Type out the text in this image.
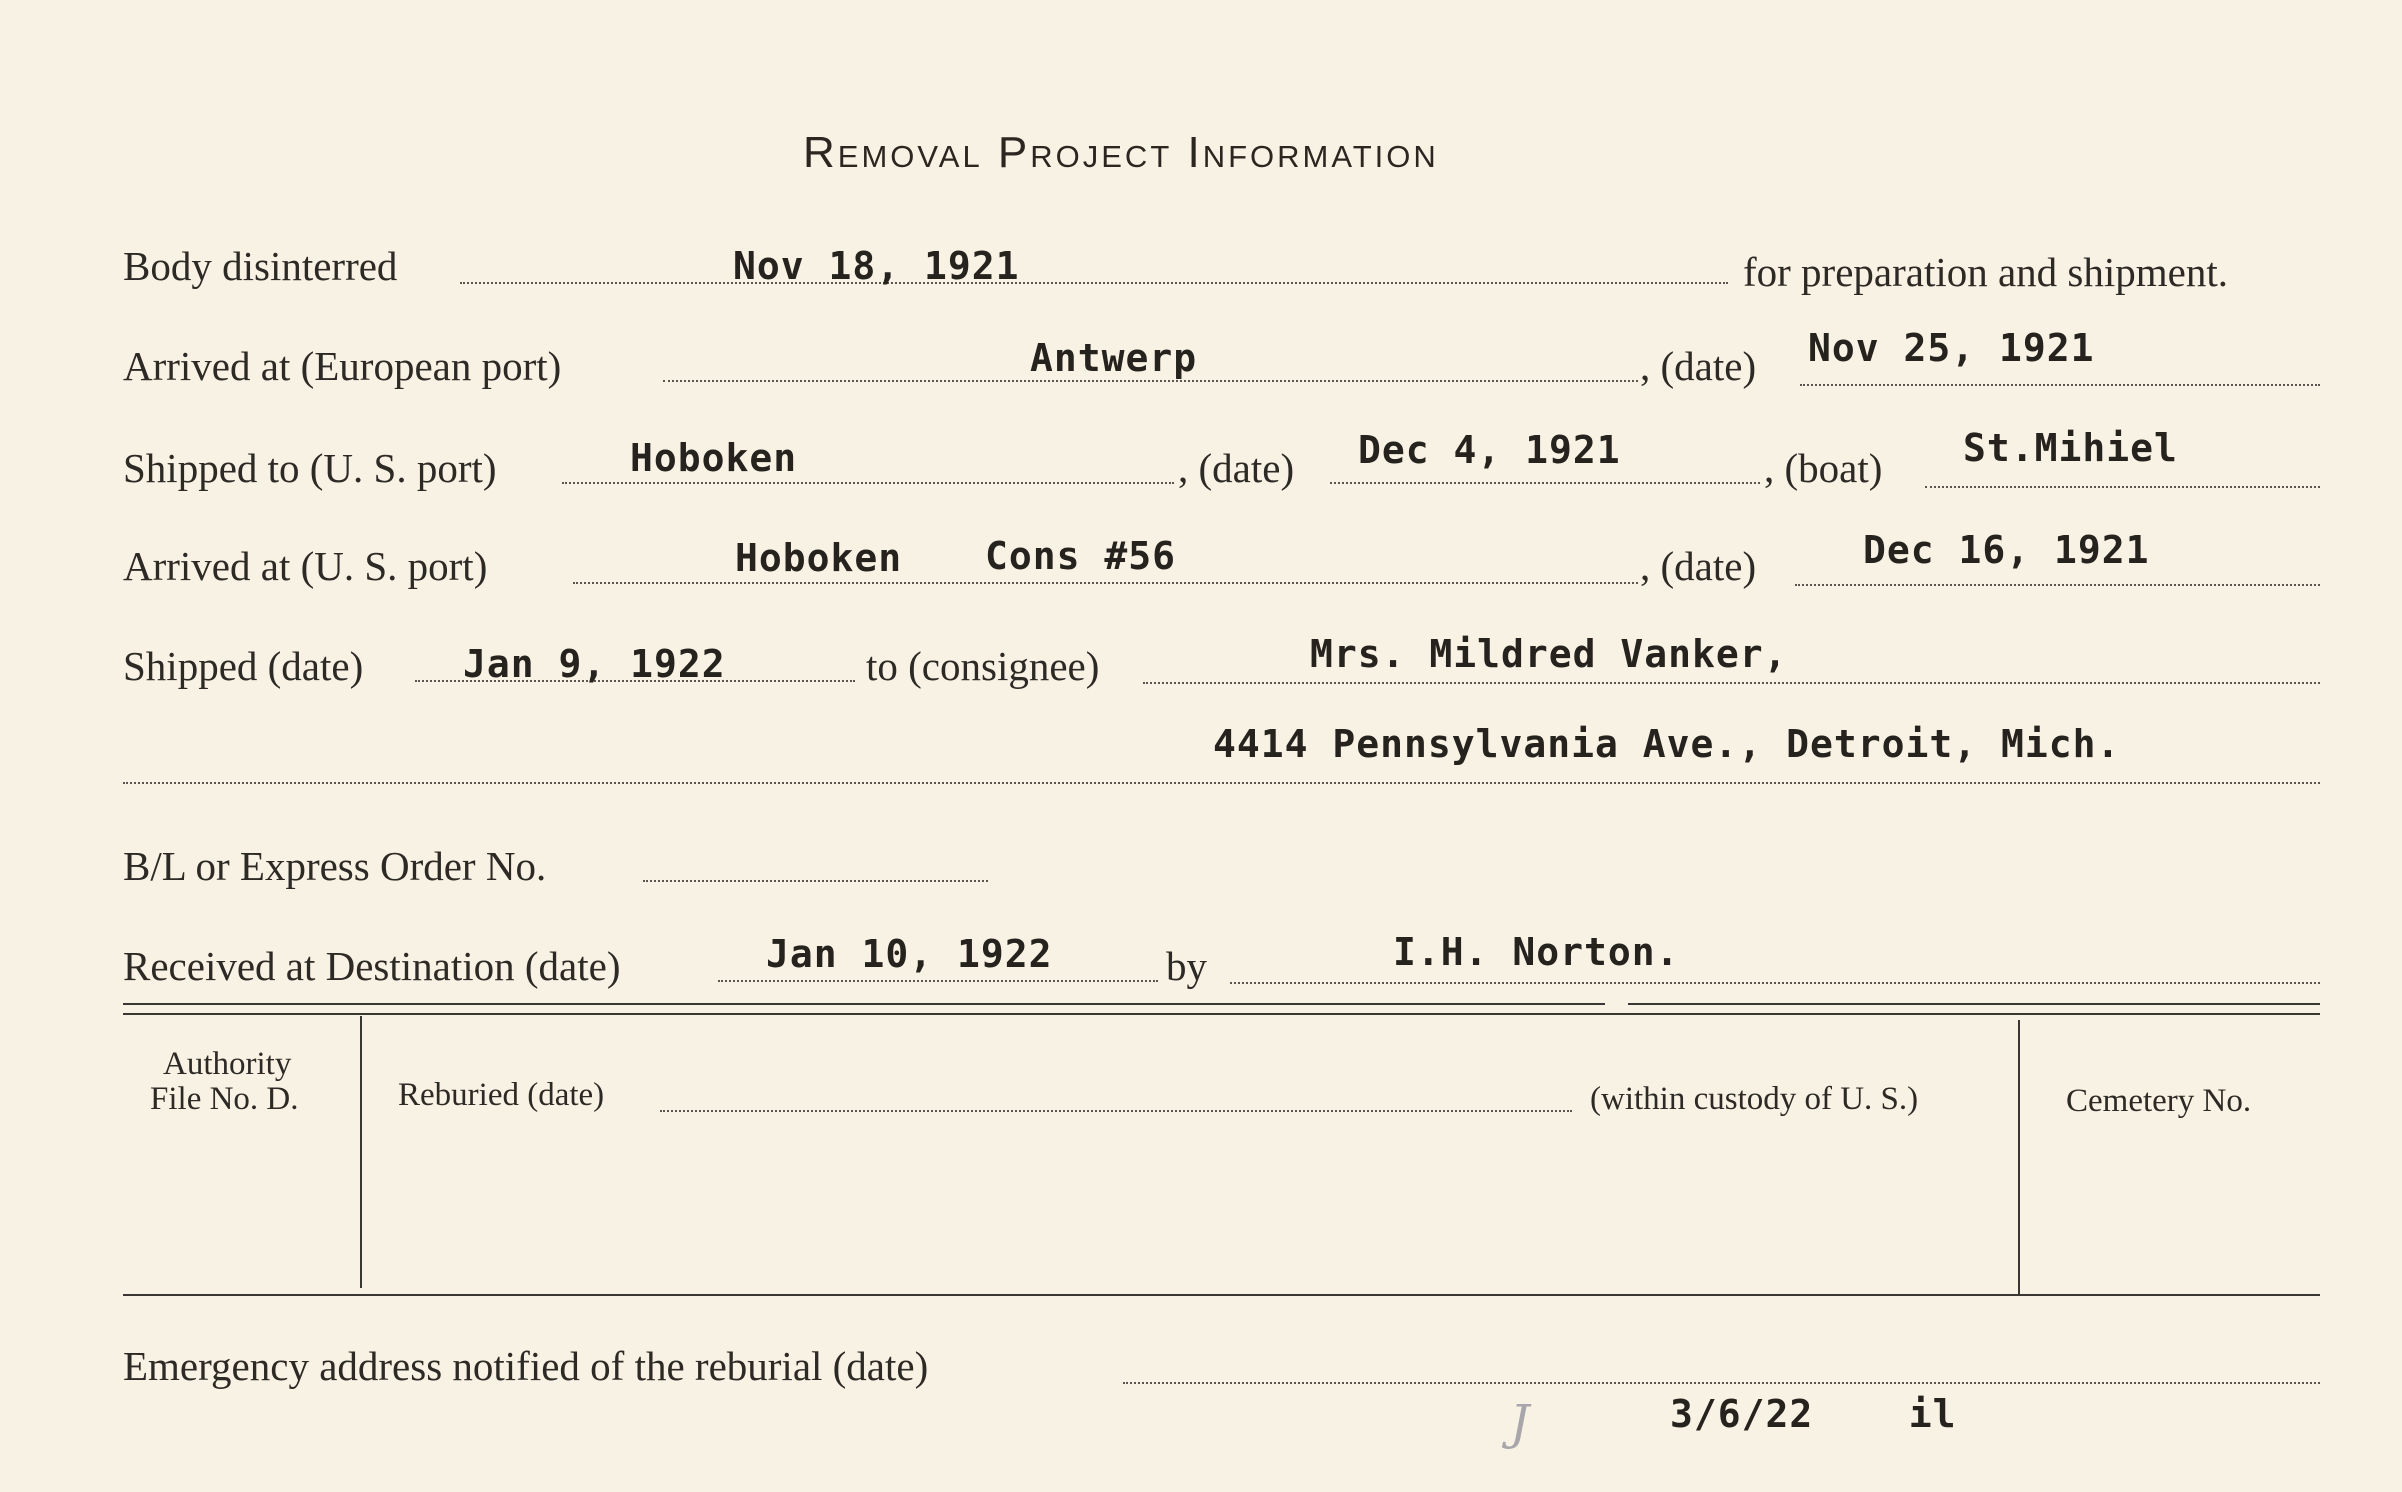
Removal Project Information
Body disinterred	Nov 18, 1921	for preparation and shipment.
Arrived at (European port)	Antwerp	, (date) Nov 25, 1921
Shipped to (U. S. port)	Hoboken	, (date) Dec 4, 1921	, (boat) St.Mihiel
Arrived at (U. S. port)	Hoboken Cons #56	, (date)	Dec 16, 1921
Shipped (date)	Jan 9, 1922	to (consignee)	Mrs. Mildred Vanker,
4414 Pennsylvania Ave., Detroit, Mich.
B/L or Express Order No.
Received at Destination (date)	Jan 10, 1922	by	I.H. Norton.
Authority
File No. D.	Reburied (date)	(within custody of U. S.)	Cemetery No.
Emergency address notified of the reburial (date)
J	3/6/22    il
